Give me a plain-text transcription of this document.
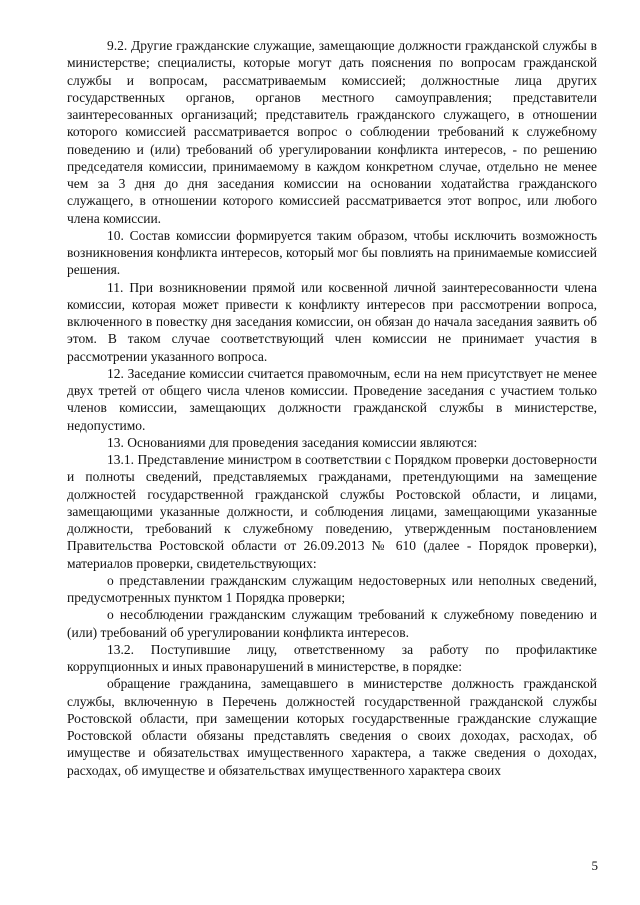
9.2. Другие гражданские служащие, замещающие должности гражданской службы в министерстве; специалисты, которые могут дать пояснения по вопросам гражданской службы и вопросам, рассматриваемым комиссией; должностные лица других государственных органов, органов местного самоуправления; представители заинтересованных организаций; представитель гражданского служащего, в отношении которого комиссией рассматривается вопрос о соблюдении требований к служебному поведению и (или) требований об урегулировании конфликта интересов, - по решению председателя комиссии, принимаемому в каждом конкретном случае, отдельно не менее чем за 3 дня до дня заседания комиссии на основании ходатайства гражданского служащего, в отношении которого комиссией рассматривается этот вопрос, или любого члена комиссии.

10. Состав комиссии формируется таким образом, чтобы исключить возможность возникновения конфликта интересов, который мог бы повлиять на принимаемые комиссией решения.

11. При возникновении прямой или косвенной личной заинтересованности члена комиссии, которая может привести к конфликту интересов при рассмотрении вопроса, включенного в повестку дня заседания комиссии, он обязан до начала заседания заявить об этом. В таком случае соответствующий член комиссии не принимает участия в рассмотрении указанного вопроса.

12. Заседание комиссии считается правомочным, если на нем присутствует не менее двух третей от общего числа членов комиссии. Проведение заседания с участием только членов комиссии, замещающих должности гражданской службы в министерстве, недопустимо.

13. Основаниями для проведения заседания комиссии являются:

13.1. Представление министром в соответствии с Порядком проверки достоверности и полноты сведений, представляемых гражданами, претендующими на замещение должностей государственной гражданской службы Ростовской области, и лицами, замещающими указанные должности, и соблюдения лицами, замещающими указанные должности, требований к служебному поведению, утвержденным постановлением Правительства Ростовской области от 26.09.2013 № 610 (далее - Порядок проверки), материалов проверки, свидетельствующих:

о представлении гражданским служащим недостоверных или неполных сведений, предусмотренных пунктом 1 Порядка проверки;

о несоблюдении гражданским служащим требований к служебному поведению и (или) требований об урегулировании конфликта интересов.

13.2. Поступившие лицу, ответственному за работу по профилактике коррупционных и иных правонарушений в министерстве, в порядке:

обращение гражданина, замещавшего в министерстве должность гражданской службы, включенную в Перечень должностей государственной гражданской службы Ростовской области, при замещении которых государственные гражданские служащие Ростовской области обязаны представлять сведения о своих доходах, расходах, об имуществе и обязательствах имущественного характера, а также сведения о доходах, расходах, об имуществе и обязательствах имущественного характера своих

5
